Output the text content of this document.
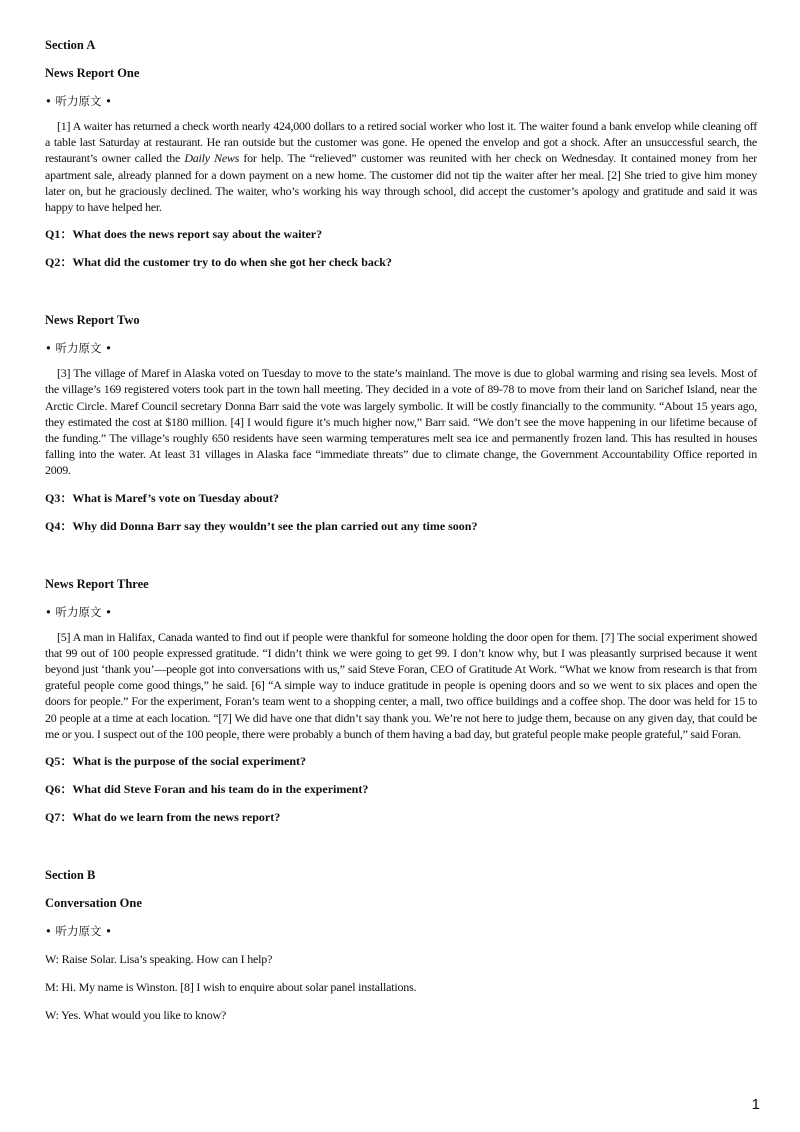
Section A

News Report One

• 听力原文 •

[1] A waiter has returned a check worth nearly 424,000 dollars to a retired social worker who lost it. The waiter found a bank envelop while cleaning off a table last Saturday at restaurant. He ran outside but the customer was gone. He opened the envelop and got a shock. After an unsuccessful search, the restaurant’s owner called the Daily News for help. The “relieved” customer was reunited with her check on Wednesday. It contained money from her apartment sale, already planned for a down payment on a new home. The customer did not tip the waiter after her meal. [2] She tried to give him money later on, but he graciously declined. The waiter, who’s working his way through school, did accept the customer’s apology and gratitude and said it was happy to have helped her.

Q1：What does the news report say about the waiter?

Q2：What did the customer try to do when she got her check back?

News Report Two

• 听力原文 •

[3] The village of Maref in Alaska voted on Tuesday to move to the state’s mainland. The move is due to global warming and rising sea levels. Most of the village’s 169 registered voters took part in the town hall meeting. They decided in a vote of 89-78 to move from their land on Sarichef Island, near the Arctic Circle. Maref Council secretary Donna Barr said the vote was largely symbolic. It will be costly financially to the community. “About 15 years ago, they estimated the cost at $180 million. [4] I would figure it’s much higher now,” Barr said. “We don’t see the move happening in our lifetime because of the funding.” The village’s roughly 650 residents have seen warming temperatures melt sea ice and permanently frozen land. This has resulted in houses falling into the water. At least 31 villages in Alaska face “immediate threats” due to climate change, the Government Accountability Office reported in 2009.

Q3：What is Maref’s vote on Tuesday about?

Q4：Why did Donna Barr say they wouldn’t see the plan carried out any time soon?

News Report Three

• 听力原文 •

[5] A man in Halifax, Canada wanted to find out if people were thankful for someone holding the door open for them. [7] The social experiment showed that 99 out of 100 people expressed gratitude. “I didn’t think we were going to get 99. I don’t know why, but I was pleasantly surprised because it went beyond just ‘thank you’—people got into conversations with us,” said Steve Foran, CEO of Gratitude At Work. “What we know from research is that from grateful people come good things,” he said. [6] “A simple way to induce gratitude in people is opening doors and so we went to six places and open the doors for people.” For the experiment, Foran’s team went to a shopping center, a mall, two office buildings and a coffee shop. The door was held for 15 to 20 people at a time at each location. “[7] We did have one that didn’t say thank you. We’re not here to judge them, because on any given day, that could be me or you. I suspect out of the 100 people, there were probably a bunch of them having a bad day, but grateful people make people grateful,” said Foran.

Q5：What is the purpose of the social experiment?

Q6：What did Steve Foran and his team do in the experiment?

Q7：What do we learn from the news report?

Section B

Conversation One

• 听力原文 •

W: Raise Solar. Lisa’s speaking. How can I help?

M: Hi. My name is Winston. [8] I wish to enquire about solar panel installations.

W: Yes. What would you like to know?

1
